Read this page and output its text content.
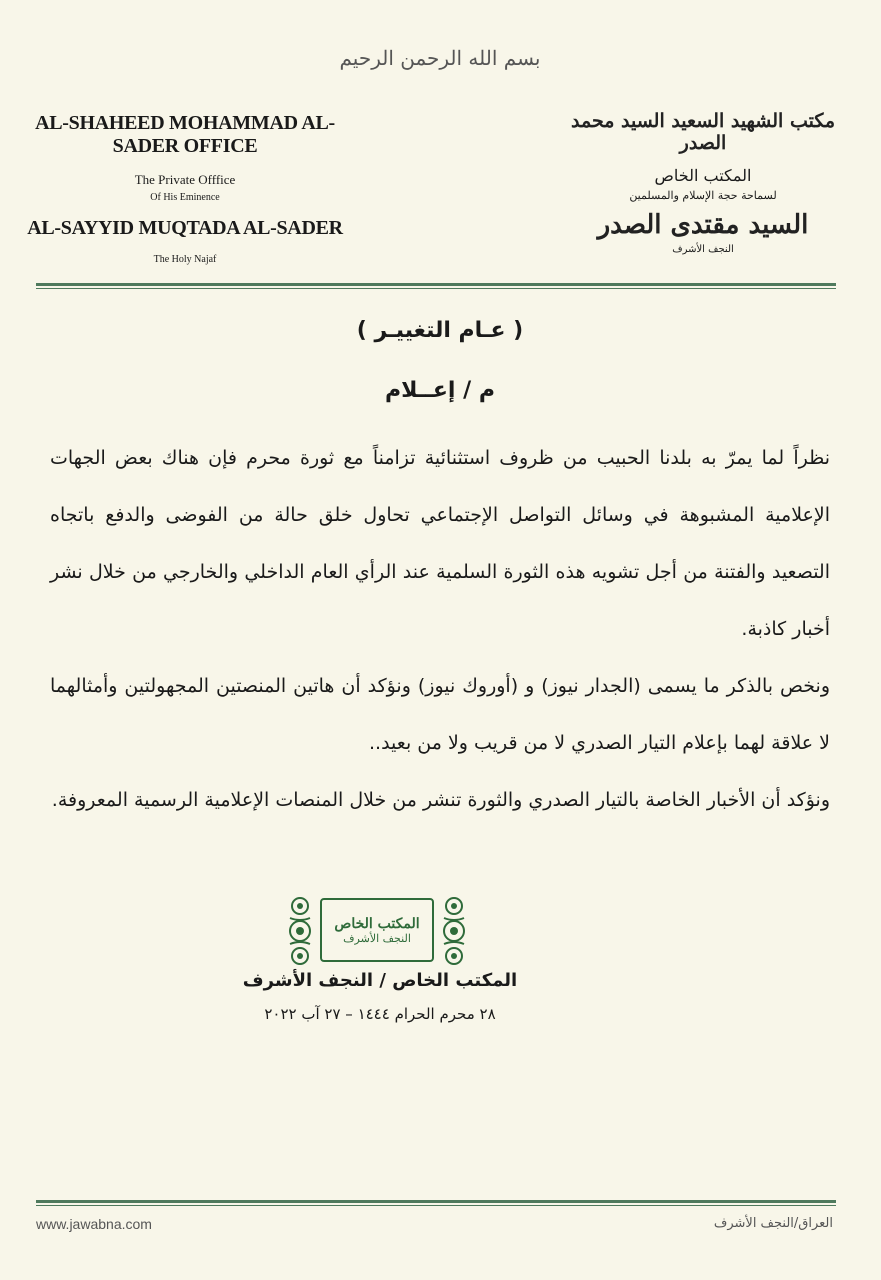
بسم الله الرحمن الرحيم
AL-SHAHEED MOHAMMAD AL-SADER OFFICE
The Private Offfice
Of His Eminence
AL-SAYYID MUQTADA AL-SADER
The Holy Najaf
مكتب الشهيد السعيد السيد محمد الصدر
المكتب الخاص
لسماحة حجة الإسلام والمسلمين
السيد مقتدى الصدر
النجف الأشرف
( عـام التغييـر )
م / إعــلام

نظراً لما يمرّ به بلدنا الحبيب من ظروف استثنائية تزامناً مع ثورة محرم فإن هناك بعض الجهات الإعلامية المشبوهة في وسائل التواصل الإجتماعي تحاول خلق حالة من الفوضى والدفع باتجاه التصعيد والفتنة من أجل تشويه هذه الثورة السلمية عند الرأي العام الداخلي والخارجي من خلال نشر أخبار كاذبة.

ونخص بالذكر ما يسمى (الجدار نيوز) و (أوروك نيوز) ونؤكد أن هاتين المنصتين المجهولتين وأمثالهما لا علاقة لهما بإعلام التيار الصدري لا من قريب ولا من بعيد..

ونؤكد أن الأخبار الخاصة بالتيار الصدري والثورة تنشر من خلال المنصات الإعلامية الرسمية المعروفة.

المكتب الخاص
النجف الأشرف
المكتب الخاص / النجف الأشرف
٢٨ محرم الحرام ١٤٤٤ – ٢٧ آب ٢٠٢٢
www.jawabna.com	العراق/النجف الأشرف
